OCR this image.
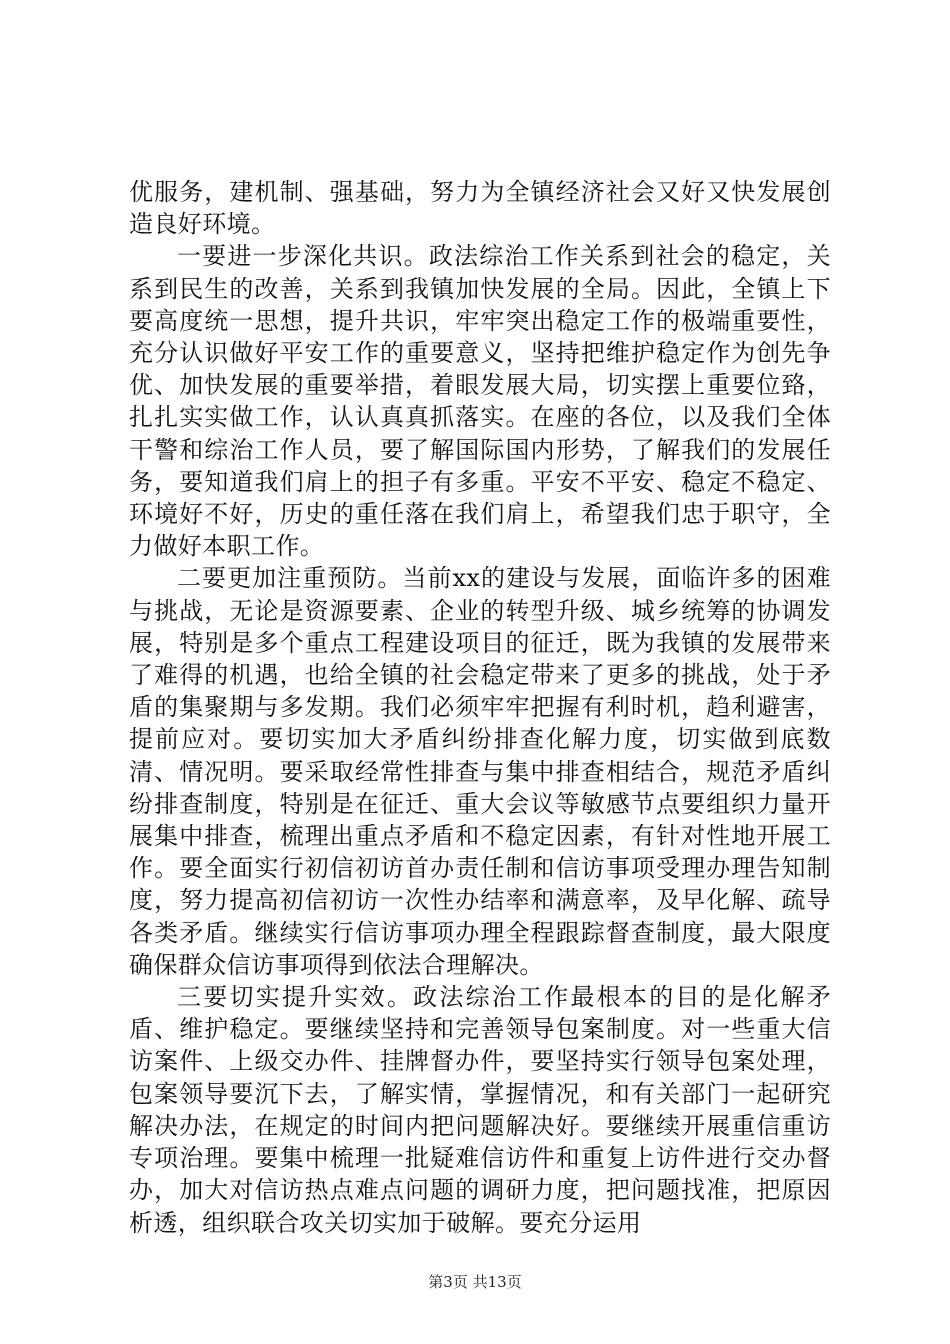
优服务，建机制、强基础，努力为全镇经济社会又好又快发展创造良好环境。

一要进一步深化共识。政法综治工作关系到社会的稳定，关系到民生的改善，关系到我镇加快发展的全局。因此，全镇上下要高度统一思想，提升共识，牢牢突出稳定工作的极端重要性，充分认识做好平安工作的重要意义，坚持把维护稳定作为创先争优、加快发展的重要举措，着眼发展大局，切实摆上重要位臵，扎扎实实做工作，认认真真抓落实。在座的各位，以及我们全体干警和综治工作人员，要了解国际国内形势，了解我们的发展任务，要知道我们肩上的担子有多重。平安不平安、稳定不稳定、环境好不好，历史的重任落在我们肩上，希望我们忠于职守，全力做好本职工作。

二要更加注重预防。当前xx的建设与发展，面临许多的困难与挑战，无论是资源要素、企业的转型升级、城乡统筹的协调发展，特别是多个重点工程建设项目的征迁，既为我镇的发展带来了难得的机遇，也给全镇的社会稳定带来了更多的挑战，处于矛盾的集聚期与多发期。我们必须牢牢把握有利时机，趋利避害，提前应对。要切实加大矛盾纠纷排查化解力度，切实做到底数清、情况明。要采取经常性排查与集中排查相结合，规范矛盾纠纷排查制度，特别是在征迁、重大会议等敏感节点要组织力量开展集中排查，梳理出重点矛盾和不稳定因素，有针对性地开展工作。要全面实行初信初访首办责任制和信访事项受理办理告知制度，努力提高初信初访一次性办结率和满意率，及早化解、疏导各类矛盾。继续实行信访事项办理全程跟踪督查制度，最大限度确保群众信访事项得到依法合理解决。

三要切实提升实效。政法综治工作最根本的目的是化解矛盾、维护稳定。要继续坚持和完善领导包案制度。对一些重大信访案件、上级交办件、挂牌督办件，要坚持实行领导包案处理，包案领导要沉下去，了解实情，掌握情况，和有关部门一起研究解决办法，在规定的时间内把问题解决好。要继续开展重信重访专项治理。要集中梳理一批疑难信访件和重复上访件进行交办督办，加大对信访热点难点问题的调研力度，把问题找准，把原因析透，组织联合攻关切实加于破解。要充分运用

第3页 共13页
